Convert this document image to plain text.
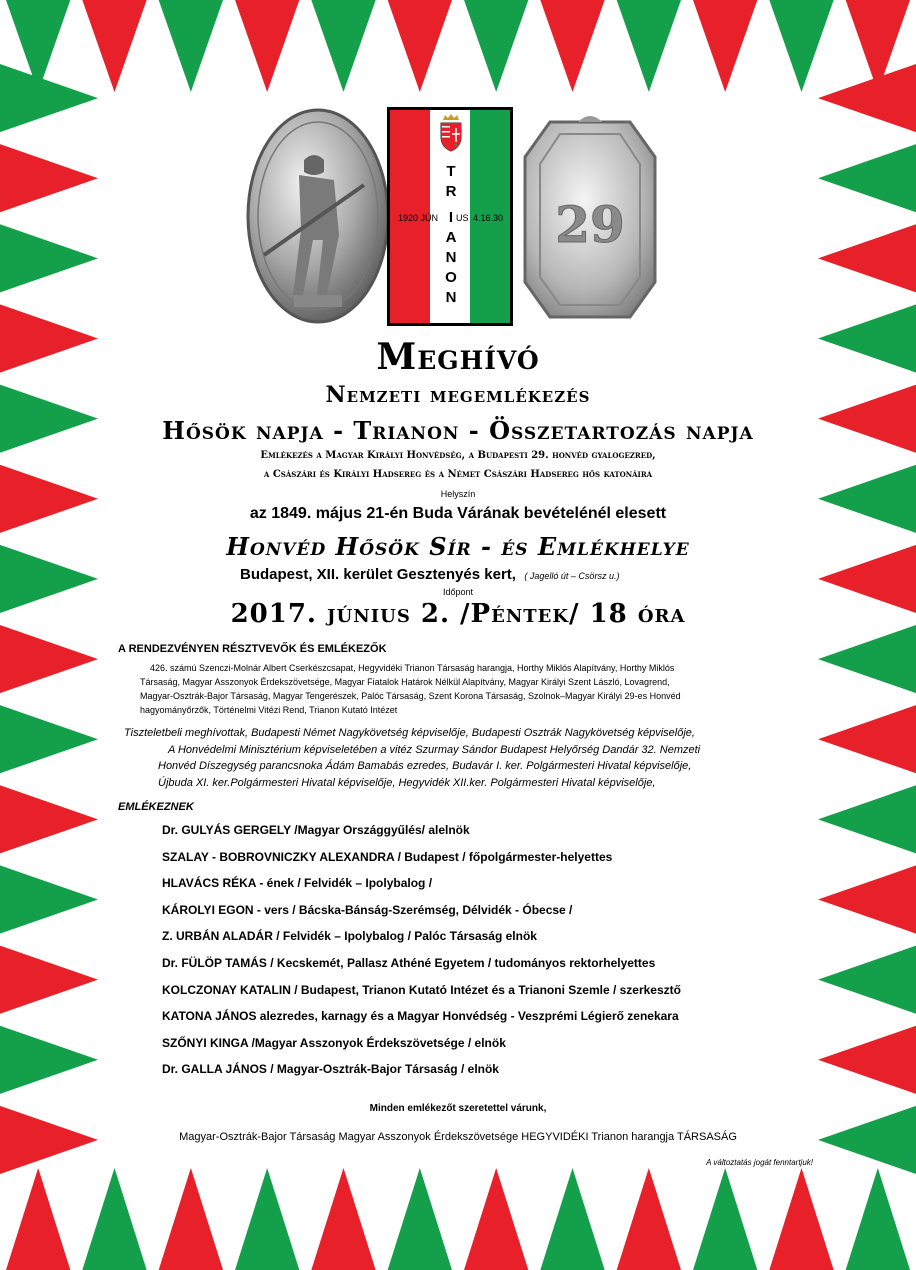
T
R
I
A
N
O
N
1920 JÚN US 4.16.30 29
Meghívó
Nemzeti megemlékezés
Hősök napja - Trianon - Összetartozás napja
Emlékezés a Magyar Királyi Honvédség, a Budapesti 29. honvéd gyalogezred,
a Császári és Királyi Hadsereg és a Német Császári Hadsereg hős katonáira
Helyszín
az 1849. május 21-én Buda Várának bevételénél elesett
Honvéd Hősök Sír - és Emlékhelye
Budapest, XII. kerület Gesztenyés kert, ( Jagelló út – Csörsz u.)
Időpont
2017. június 2. /Péntek/ 18 óra
A RENDEZVÉNYEN RÉSZTVEVŐK ÉS EMLÉKEZŐK
426. számú Szenczi-Molnár Albert Cserkészcsapat, Hegyvidéki Trianon Társaság harangja, Horthy Miklós Alapítvány, Horthy Miklós
Társaság, Magyar Asszonyok Érdekszövetsége, Magyar Fiatalok Határok Nélkül Alapítvány, Magyar Királyi Szent László, Lovagrend,
Magyar-Osztrák-Bajor Társaság, Magyar Tengerészek, Palóc Társaság, Szent Korona Társaság, Szolnok–Magyar Királyi 29-es Honvéd
hagyományőrzők, Történelmi Vitézi Rend, Trianon Kutató Intézet
Tiszteletbeli meghívottak, Budapesti Német Nagykövetség képviselője, Budapesti Osztrák Nagykövetség képviselője,
A Honvédelmi Minisztérium képviseletében a vitéz Szurmay Sándor Budapest Helyőrség Dandár 32. Nemzeti
Honvéd Díszegység parancsnoka Ádám Bamabás ezredes, Budavár I. ker. Polgármesteri Hivatal képviselője,
Újbuda XI. ker.Polgármesteri Hivatal képviselője, Hegyvidék XII.ker. Polgármesteri Hivatal képviselője,
EMLÉKEZNEK
Dr. GULYÁS GERGELY /Magyar Országgyűlés/ alelnök
SZALAY - BOBROVNICZKY ALEXANDRA / Budapest / főpolgármester-helyettes
HLAVÁCS RÉKA - ének / Felvidék – Ipolybalog /
KÁROLYI EGON - vers / Bácska-Bánság-Szerémség, Délvidék - Óbecse /
Z. URBÁN ALADÁR / Felvidék – Ipolybalog / Palóc Társaság elnök
Dr. FÜLÖP TAMÁS / Kecskemét, Pallasz Athéné Egyetem / tudományos rektorhelyettes
KOLCZONAY KATALIN / Budapest, Trianon Kutató Intézet és a Trianoni Szemle / szerkesztő
KATONA JÁNOS alezredes, karnagy és a Magyar Honvédség - Veszprémi Légierő zenekara
SZŐNYI KINGA /Magyar Asszonyok Érdekszövetsége / elnök
Dr. GALLA JÁNOS / Magyar-Osztrák-Bajor Társaság / elnök
Minden emlékezőt szeretettel várunk,
Magyar-Osztrák-Bajor Társaság Magyar Asszonyok Érdekszövetsége HEGYVIDÉKI Trianon harangja TÁRSASÁG
A változtatás jogát fenntartjuk!
